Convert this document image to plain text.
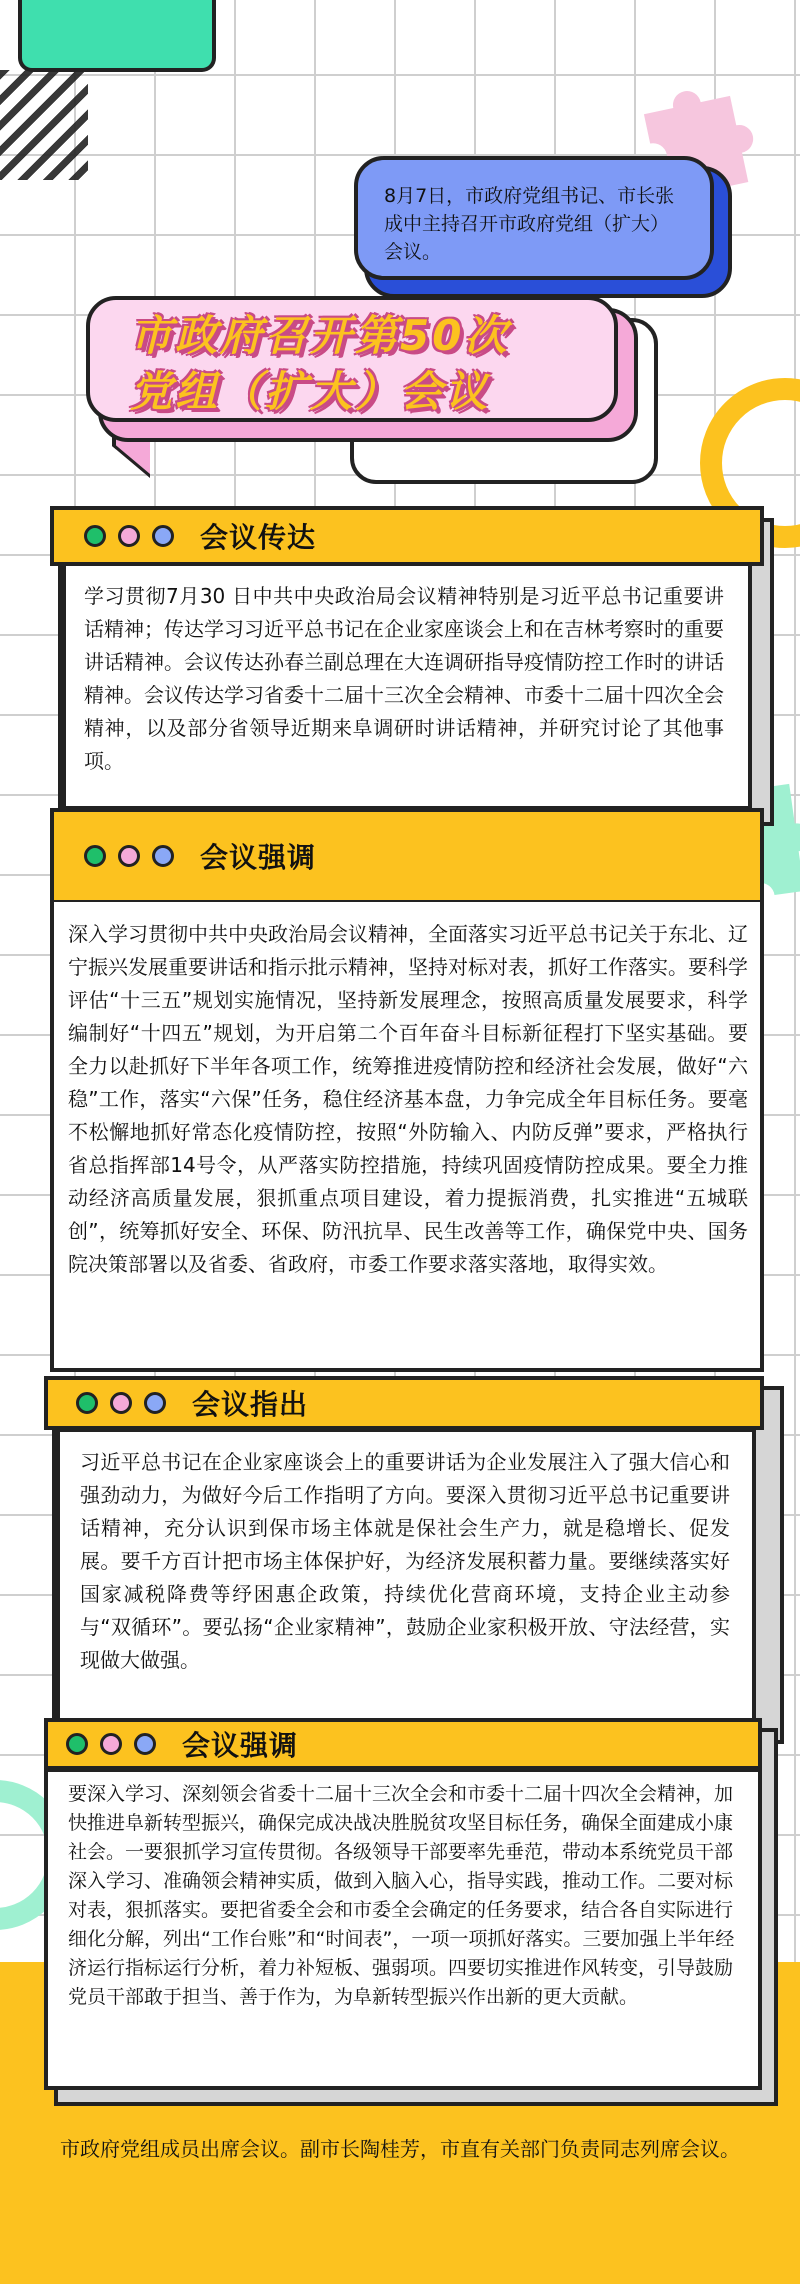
8月7日，市政府党组书记、市长张成中主持召开市政府党组（扩大）会议。
市政府召开第50次
党组（扩大）会议
会议传达
学习贯彻7月30 日中共中央政治局会议精神特别是习近平总书记重要讲话精神；传达学习习近平总书记在企业家座谈会上和在吉林考察时的重要讲话精神。会议传达孙春兰副总理在大连调研指导疫情防控工作时的讲话精神。会议传达学习省委十二届十三次全会精神、市委十二届十四次全会精神，以及部分省领导近期来阜调研时讲话精神，并研究讨论了其他事项。
会议强调
深入学习贯彻中共中央政治局会议精神，全面落实习近平总书记关于东北、辽宁振兴发展重要讲话和指示批示精神，坚持对标对表，抓好工作落实。要科学评估“十三五”规划实施情况，坚持新发展理念，按照高质量发展要求，科学编制好“十四五”规划，为开启第二个百年奋斗目标新征程打下坚实基础。要全力以赴抓好下半年各项工作，统筹推进疫情防控和经济社会发展，做好“六稳”工作，落实“六保”任务，稳住经济基本盘，力争完成全年目标任务。要毫不松懈地抓好常态化疫情防控，按照“外防输入、内防反弹”要求，严格执行省总指挥部14号令，从严落实防控措施，持续巩固疫情防控成果。要全力推动经济高质量发展，狠抓重点项目建设，着力提振消费，扎实推进“五城联创”，统筹抓好安全、环保、防汛抗旱、民生改善等工作，确保党中央、国务院决策部署以及省委、省政府，市委工作要求落实落地，取得实效。
会议指出
习近平总书记在企业家座谈会上的重要讲话为企业发展注入了强大信心和强劲动力，为做好今后工作指明了方向。要深入贯彻习近平总书记重要讲话精神，充分认识到保市场主体就是保社会生产力，就是稳增长、促发展。要千方百计把市场主体保护好，为经济发展积蓄力量。要继续落实好国家减税降费等纾困惠企政策，持续优化营商环境，支持企业主动参与“双循环”。要弘扬“企业家精神”，鼓励企业家积极开放、守法经营，实现做大做强。
会议强调
要深入学习、深刻领会省委十二届十三次全会和市委十二届十四次全会精神，加快推进阜新转型振兴，确保完成决战决胜脱贫攻坚目标任务，确保全面建成小康社会。一要狠抓学习宣传贯彻。各级领导干部要率先垂范，带动本系统党员干部深入学习、准确领会精神实质，做到入脑入心，指导实践，推动工作。二要对标对表，狠抓落实。要把省委全会和市委全会确定的任务要求，结合各自实际进行细化分解，列出“工作台账”和“时间表”，一项一项抓好落实。三要加强上半年经济运行指标运行分析，着力补短板、强弱项。四要切实推进作风转变，引导鼓励党员干部敢于担当、善于作为，为阜新转型振兴作出新的更大贡献。
市政府党组成员出席会议。副市长陶桂芳，市直有关部门负责同志列席会议。
